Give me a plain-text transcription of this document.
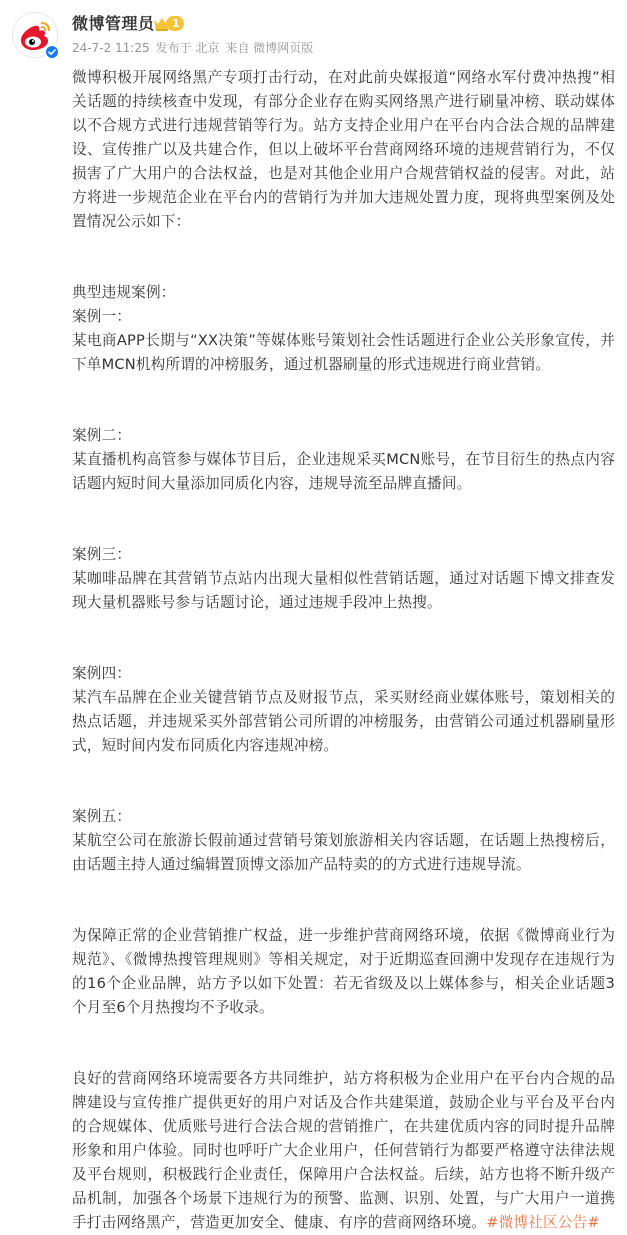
微博管理员	1
24-7-2 11:25 发布于 北京 来自 微博网页版

微博积极开展网络黑产专项打击行动，在对此前央媒报道“网络水军付费冲热搜”相关话题的持续核查中发现，有部分企业存在购买网络黑产进行刷量冲榜、联动媒体以不合规方式进行违规营销等行为。站方支持企业用户在平台内合法合规的品牌建设、宣传推广以及共建合作，但以上破坏平台营商网络环境的违规营销行为，不仅损害了广大用户的合法权益，也是对其他企业用户合规营销权益的侵害。对此，站方将进一步规范企业在平台内的营销行为并加大违规处置力度，现将典型案例及处置情况公示如下：

典型违规案例：

案例一：

某电商APP长期与“XX决策”等媒体账号策划社会性话题进行企业公关形象宣传，并下单MCN机构所谓的冲榜服务，通过机器刷量的形式违规进行商业营销。

案例二：

某直播机构高管参与媒体节目后，企业违规采买MCN账号，在节目衍生的热点内容话题内短时间大量添加同质化内容，违规导流至品牌直播间。

案例三：

某咖啡品牌在其营销节点站内出现大量相似性营销话题，通过对话题下博文排查发现大量机器账号参与话题讨论，通过违规手段冲上热搜。

案例四：

某汽车品牌在企业关键营销节点及财报节点，采买财经商业媒体账号，策划相关的热点话题，并违规采买外部营销公司所谓的冲榜服务，由营销公司通过机器刷量形式，短时间内发布同质化内容违规冲榜。

案例五：

某航空公司在旅游长假前通过营销号策划旅游相关内容话题，在话题上热搜榜后，由话题主持人通过编辑置顶博文添加产品特卖的的方式进行违规导流。

为保障正常的企业营销推广权益，进一步维护营商网络环境，依据《微博商业行为规范》、《微博热搜管理规则》等相关规定，对于近期巡查回溯中发现存在违规行为的16个企业品牌，站方予以如下处置：若无省级及以上媒体参与，相关企业话题3个月至6个月热搜均不予收录。

良好的营商网络环境需要各方共同维护，站方将积极为企业用户在平台内合规的品牌建设与宣传推广提供更好的用户对话及合作共建渠道，鼓励企业与平台及平台内的合规媒体、优质账号进行合法合规的营销推广，在共建优质内容的同时提升品牌形象和用户体验。同时也呼吁广大企业用户，任何营销行为都要严格遵守法律法规及平台规则，积极践行企业责任，保障用户合法权益。后续，站方也将不断升级产品机制，加强各个场景下违规行为的预警、监测、识别、处置，与广大用户一道携手打击网络黑产，营造更加安全、健康、有序的营商网络环境。#微博社区公告#
